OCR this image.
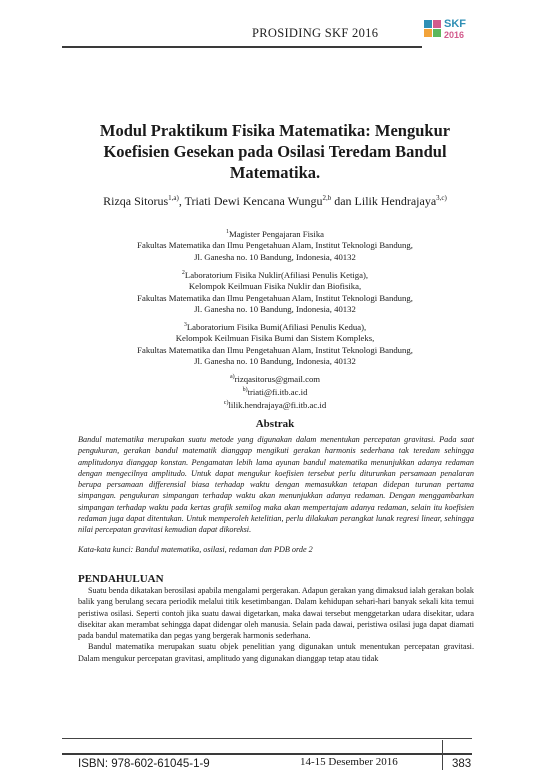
PROSIDING SKF 2016
SKF
2016
Modul Praktikum Fisika Matematika: Mengukur Koefisien Gesekan pada Osilasi Teredam Bandul Matematika.
Rizqa Sitorus$^{1,a)}$, Triati Dewi Kencana Wungu$^{2,b}$ dan Lilik Hendrajaya$^{3,c)}$
$^1$Magister Pengajaran Fisika
Fakultas Matematika dan Ilmu Pengetahuan Alam, Institut Teknologi Bandung,
Jl. Ganesha no. 10 Bandung, Indonesia, 40132
$^2$Laboratorium Fisika Nuklir(Afiliasi Penulis Ketiga),
Kelompok Keilmuan Fisika Nuklir dan Biofisika,
Fakultas Matematika dan Ilmu Pengetahuan Alam, Institut Teknologi Bandung,
Jl. Ganesha no. 10 Bandung, Indonesia, 40132
$^3$Laboratorium Fisika Bumi(Afiliasi Penulis Kedua),
Kelompok Keilmuan Fisika Bumi dan Sistem Kompleks,
Fakultas Matematika dan Ilmu Pengetahuan Alam, Institut Teknologi Bandung,
Jl. Ganesha no. 10 Bandung, Indonesia, 40132
$^{a)}$rizqasitorus@gmail.com
$^{b)}$triati@fi.itb.ac.id
$^{c)}$lilik.hendrajaya@fi.itb.ac.id
Abstrak
Bandul matematika merupakan suatu metode yang digunakan dalam menentukan percepatan gravitasi. Pada saat pengukuran, gerakan bandul matematik dianggap mengikuti gerakan harmonis sederhana tak teredam sehingga amplitudonya dianggap konstan. Pengamatan lebih lama ayunan bandul matematika menunjukkan adanya redaman dengan mengecilnya amplitudo. Untuk dapat mengukur koefisien tersebut perlu diturunkan persamaan penalaran berupa persamaan differensial biasa terhadap waktu dengan memasukkan tetapan didepan turunan pertama simpangan. pengukuran simpangan terhadap waktu akan menunjukkan adanya redaman. Dengan menggambarkan simpangan terhadap waktu pada kertas grafik semilog maka akan mempertajam adanya redaman, selain itu koefisien redaman juga dapat ditentukan. Untuk memperoleh ketelitian, perlu dilakukan perangkat lunak regresi linear, sehingga nilai percepatan gravitasi kemudian dapat dikoreksi.
Kata-kata kunci: Bandul matematika, osilasi, redaman dan PDB orde 2
PENDAHULUAN

Suatu benda dikatakan berosilasi apabila mengalami pergerakan. Adapun gerakan yang dimaksud ialah gerakan bolak balik yang berulang secara periodik melalui titik kesetimbangan. Dalam kehidupan sehari-hari banyak sekali kita temui peristiwa osilasi. Seperti contoh jika suatu dawai digetarkan, maka dawai tersebut menggetarkan udara disekitar, udara disekitar akan merambat sehingga dapat didengar oleh manusia. Selain pada dawai, peristiwa osilasi juga dapat diamati pada bandul matematika dan pegas yang bergerak harmonis sederhana.

Bandul matematika merupakan suatu objek penelitian yang digunakan untuk menentukan percepatan gravitasi. Dalam mengukur percepatan gravitasi, amplitudo yang digunakan dianggap tetap atau tidak

ISBN: 978-602-61045-1-9	14-15 Desember 2016	383
